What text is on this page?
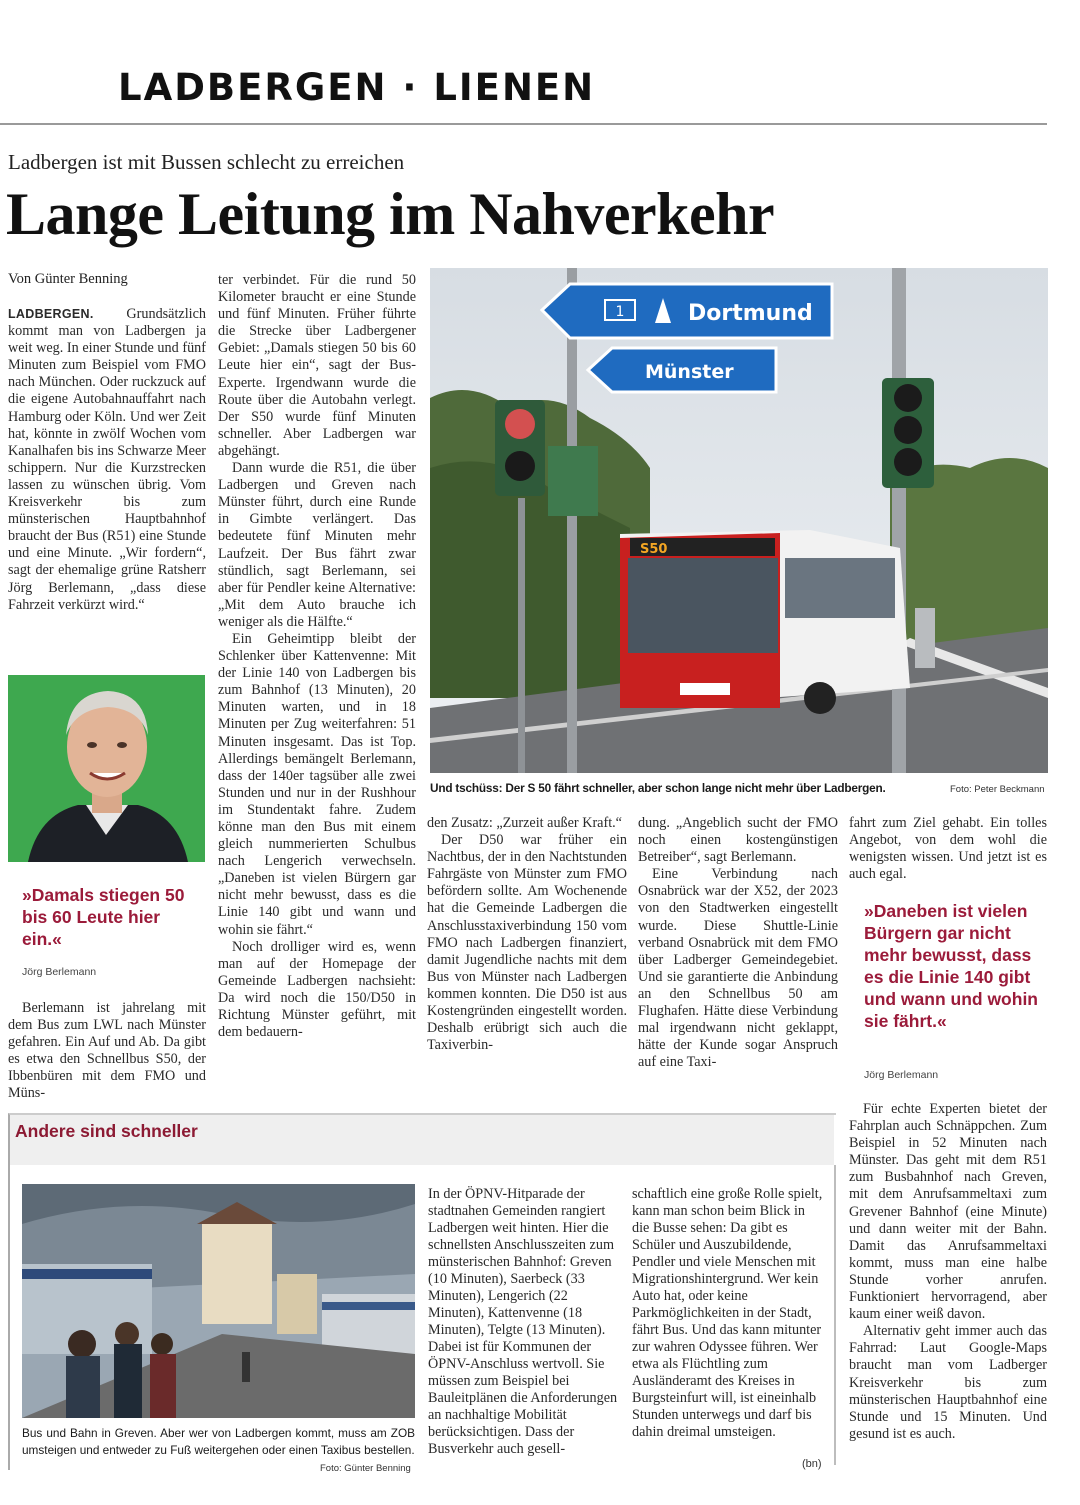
LADBERGEN · LIENEN
Ladbergen ist mit Bussen schlecht zu erreichen
Lange Leitung im Nahverkehr
Von Günter Benning

LADBERGEN. Grundsätzlich kommt man von Ladbergen ja weit weg. In einer Stunde und fünf Minuten zum Beispiel vom FMO nach München. Oder ruckzuck auf die eigene Autobahnauffahrt nach Hamburg oder Köln. Und wer Zeit hat, könnte in zwölf Wochen vom Kanalhafen bis ins Schwarze Meer schippern. Nur die Kurzstrecken lassen zu wünschen übrig. Vom Kreisverkehr bis zum münsterischen Hauptbahnhof braucht der Bus (R51) eine Stunde und eine Minute. „Wir fordern“, sagt der ehemalige grüne Ratsherr Jörg Berlemann, „dass diese Fahrzeit verkürzt wird.“

»Damals stiegen 50 bis 60 Leute hier ein.«
Jörg Berlemann

Berlemann ist jahrelang mit dem Bus zum LWL nach Münster gefahren. Ein Auf und Ab. Da gibt es etwa den Schnellbus S50, der Ibbenbüren mit dem FMO und Müns-

ter verbindet. Für die rund 50 Kilometer braucht er eine Stunde und fünf Minuten. Früher führte die Strecke über Ladbergener Gebiet: „Damals stiegen 50 bis 60 Leute hier ein“, sagt der Bus-Experte. Irgendwann wurde die Route über die Autobahn verlegt. Der S50 wurde fünf Minuten schneller. Aber Ladbergen war abgehängt.

Dann wurde die R51, die über Ladbergen und Greven nach Münster führt, durch eine Runde in Gimbte verlängert. Das bedeutete fünf Minuten mehr Laufzeit. Der Bus fährt zwar stündlich, sagt Berlemann, sei aber für Pendler keine Alternative: „Mit dem Auto brauche ich weniger als die Hälfte.“

Ein Geheimtipp bleibt der Schlenker über Kattenvenne: Mit der Linie 140 von Ladbergen bis zum Bahnhof (13 Minuten), 20 Minuten warten, und in 18 Minuten per Zug weiterfahren: 51 Minuten insgesamt. Das ist Top. Allerdings bemängelt Berlemann, dass der 140er tagsüber alle zwei Stunden und nur in der Rushhour im Stundentakt fahre. Zudem könne man den Bus mit einem gleich nummerierten Schulbus nach Lengerich verwechseln. „Daneben ist vielen Bürgern gar nicht mehr bewusst, dass es die Linie 140 gibt und wann und wohin sie fährt.“

Noch drolliger wird es, wenn man auf der Homepage der Gemeinde Ladbergen nachsieht: Da wird noch die 150/D50 in Richtung Münster geführt, mit dem bedauern-

1	Dortmund
Münster
S50
Und tschüss: Der S 50 fährt schneller, aber schon lange nicht mehr über Ladbergen.	Foto: Peter Beckmann

den Zusatz: „Zurzeit außer Kraft.“

Der D50 war früher ein Nachtbus, der in den Nachtstunden Fahrgäste von Münster zum FMO befördern sollte. Am Wochenende hat die Gemeinde Ladbergen die Anschlusstaxiverbindung 150 vom FMO nach Ladbergen finanziert, damit Jugendliche nachts mit dem Bus von Münster nach Ladbergen kommen konnten. Die D50 ist aus Kostengründen eingestellt worden. Deshalb erübrigt sich auch die Taxiverbin-

dung. „Angeblich sucht der FMO noch einen kostengünstigen Betreiber“, sagt Berlemann.

Eine Verbindung nach Osnabrück war der X52, der 2023 von den Stadtwerken eingestellt wurde. Diese Shuttle-Linie verband Osnabrück mit dem FMO über Ladberger Gemeindegebiet. Und sie garantierte die Anbindung an den Schnellbus 50 am Flughafen. Hätte diese Verbindung mal irgendwann nicht geklappt, hätte der Kunde sogar Anspruch auf eine Taxi-

fahrt zum Ziel gehabt. Ein tolles Angebot, von dem wohl die wenigsten wissen. Und jetzt ist es auch egal.

»Daneben ist vielen Bürgern gar nicht mehr bewusst, dass es die Linie 140 gibt und wann und wohin sie fährt.«
Jörg Berlemann

Für echte Experten bietet der Fahrplan auch Schnäppchen. Zum Beispiel in 52 Minuten nach Münster. Das geht mit dem R51 zum Busbahnhof nach Greven, mit dem Anrufsammeltaxi zum Grevener Bahnhof (eine Minute) und dann weiter mit der Bahn. Damit das Anrufsammeltaxi kommt, muss man eine halbe Stunde vorher anrufen. Funktioniert hervorragend, aber kaum einer weiß davon.

Alternativ geht immer auch das Fahrrad: Laut Google-Maps braucht man vom Ladberger Kreisverkehr bis zum münsterischen Hauptbahnhof eine Stunde und 15 Minuten. Und gesund ist es auch.

Andere sind schneller
Bus und Bahn in Greven. Aber wer von Ladbergen kommt, muss am ZOB umsteigen und entweder zu Fuß weitergehen oder einen Taxibus bestellen.
Foto: Günter Benning
In der ÖPNV-Hitparade der stadtnahen Gemeinden rangiert Ladbergen weit hinten. Hier die schnellsten Anschlusszeiten zum münsterischen Bahnhof: Greven (10 Minuten), Saerbeck (33 Minuten), Lengerich (22 Minuten), Kattenvenne (18 Minuten), Telgte (13 Minuten). Dabei ist für Kommunen der ÖPNV-Anschluss wertvoll. Sie müssen zum Beispiel bei Bauleitplänen die Anforderungen an nachhaltige Mobilität berücksichtigen. Dass der Busverkehr auch gesell-

schaftlich eine große Rolle spielt, kann man schon beim Blick in die Busse sehen: Da gibt es Schüler und Auszubildende, Pendler und viele Menschen mit Migrationshintergrund. Wer kein Auto hat, oder keine Parkmöglichkeiten in der Stadt, fährt Bus. Und das kann mitunter zur wahren Odyssee führen. Wer etwa als Flüchtling zum Ausländeramt des Kreises in Burgsteinfurt will, ist eineinhalb Stunden unterwegs und darf bis dahin dreimal umsteigen.

(bn)
